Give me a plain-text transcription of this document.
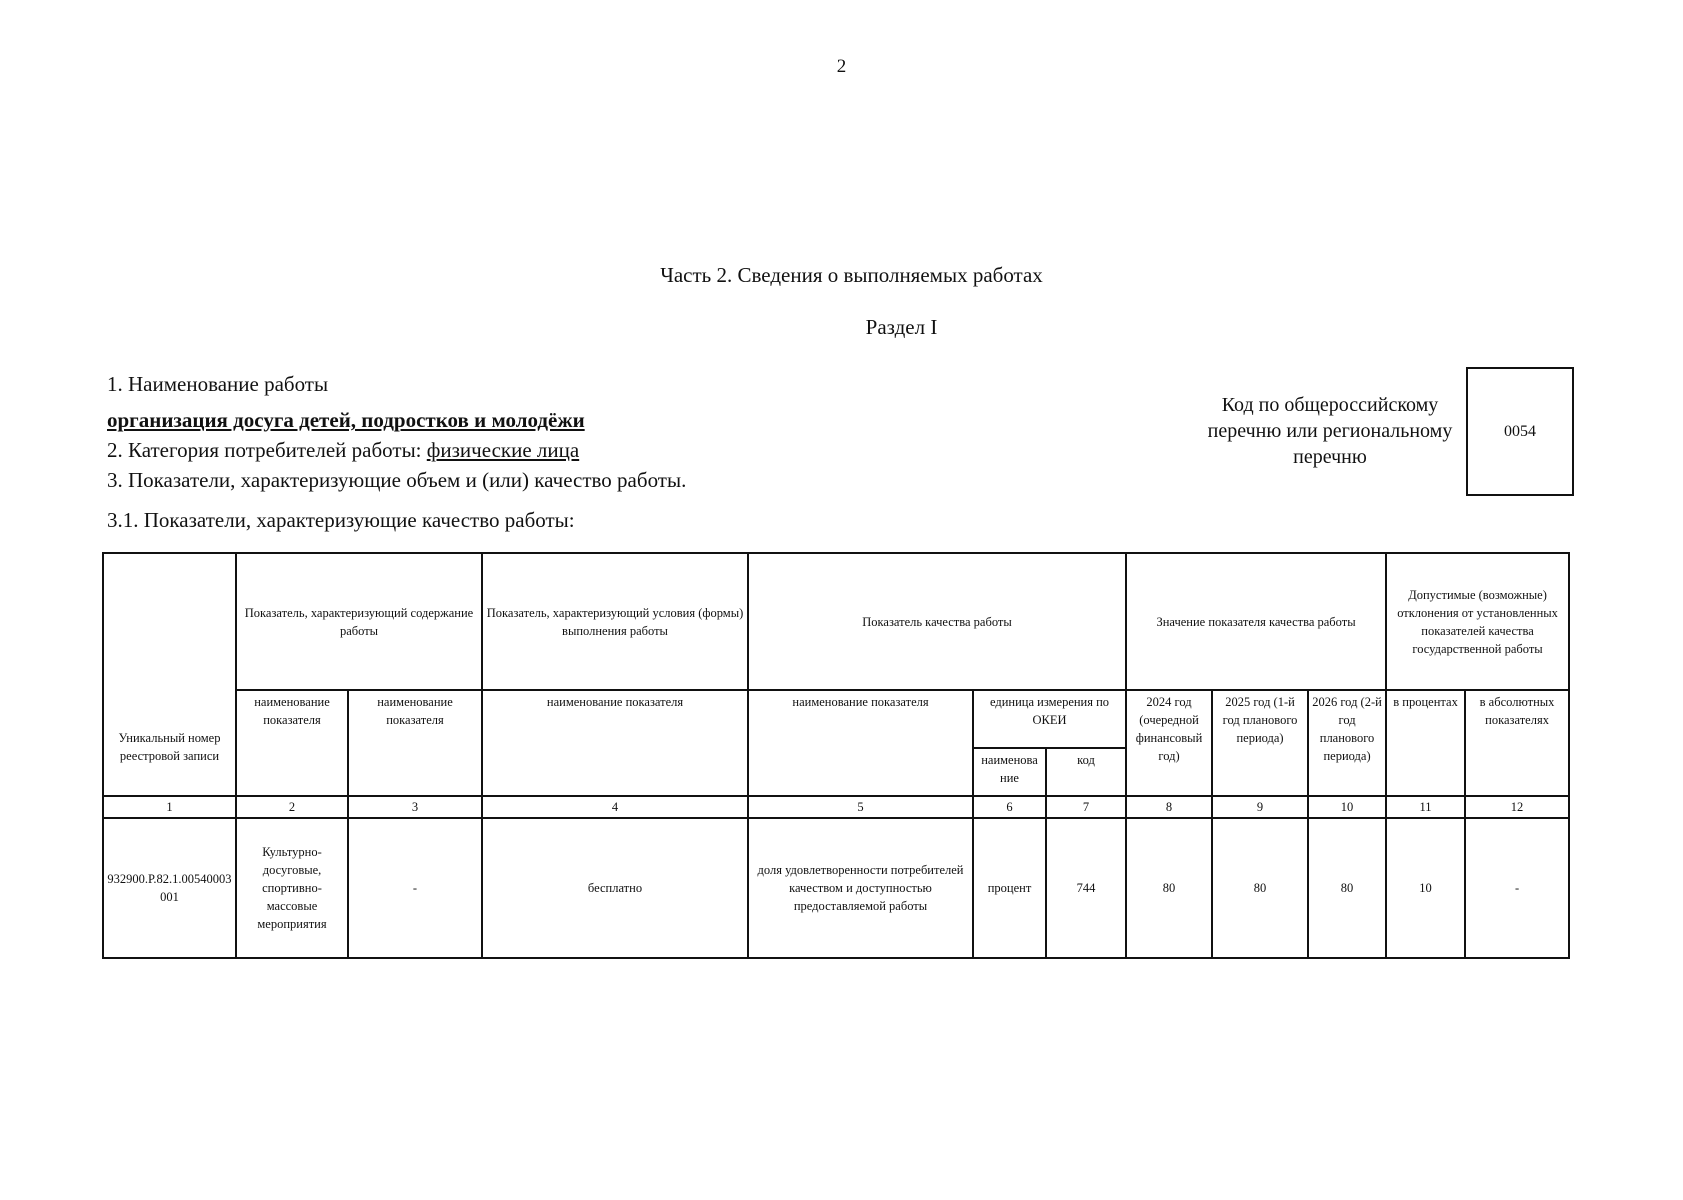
2
Часть 2. Сведения о выполняемых работах
Раздел I
1. Наименование работы
организация досуга детей, подростков и молодёжи
2. Категория потребителей работы: физические лица
3. Показатели, характеризующие объем и (или) качество работы.
3.1. Показатели, характеризующие качество работы:
Код по общероссийскому
перечню или региональному
перечню
0054
Уникальный номер реестровой записи	Показатель, характеризующий содержание работы		Показатель, характеризующий условия (формы) выполнения работы	Показатель качества работы			Значение показателя качества работы			Допустимые (возможные) отклонения от установленных показателей качества государственной работы	
	наименование показателя	наименование показателя	наименование показателя	наименование показателя	единица измерения по ОКЕИ		2024 год (очередной финансовый год)	2025 год (1-й год планового периода)	2026 год (2-й год планового периода)	в процентах	в абсолютных показателях
					наименова ние	код					
1	2	3	4	5	6	7	8	9	10	11	12
932900.Р.82.1.00540003001	Культурно-досуговые, спортивно-массовые мероприятия	-	бесплатно	доля удовлетворенности потребителей качеством и доступностью предоставляемой работы	процент	744	80	80	80	10	-
